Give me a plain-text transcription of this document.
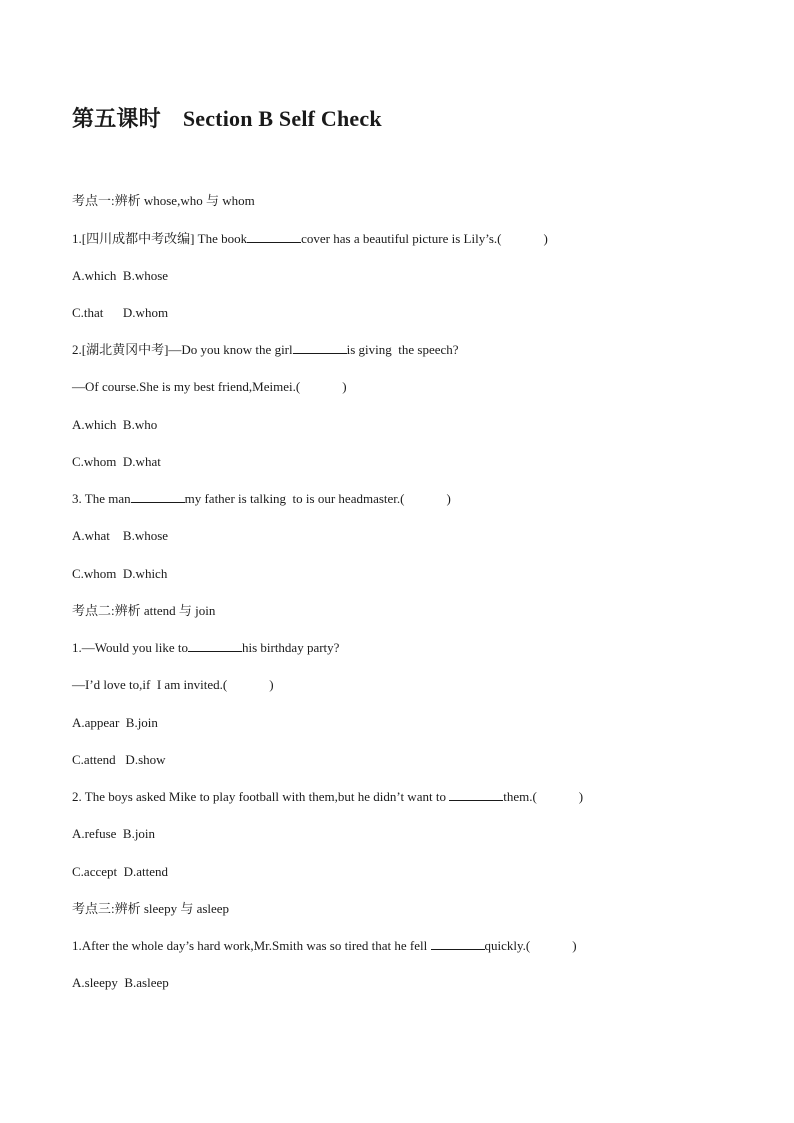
第五课时 Section B Self Check
考点一:辨析 whose,who 与 whom
1.[四川成都中考改编] The book	cover has a beautiful picture is Lily’s.(	)
A.which  B.whose
C.that      D.whom
2.[湖北黄冈中考]—Do you know the girl	is giving  the speech?
—Of course.She is my best friend,Meimei.(	)
A.which  B.who
C.whom  D.what
3. The man	my father is talking  to is our headmaster.(	)
A.what    B.whose
C.whom  D.which
考点二:辨析 attend 与 join
1.—Would you like to	his birthday party?
—I’d love to,if  I am invited.(	)
A.appear  B.join
C.attend   D.show
2. The boys asked Mike to play football with them,but he didn’t want to	them.(	)
A.refuse  B.join
C.accept  D.attend
考点三:辨析 sleepy 与 asleep
1.After the whole day’s hard work,Mr.Smith was so tired that he fell	quickly.(	)
A.sleepy  B.asleep
